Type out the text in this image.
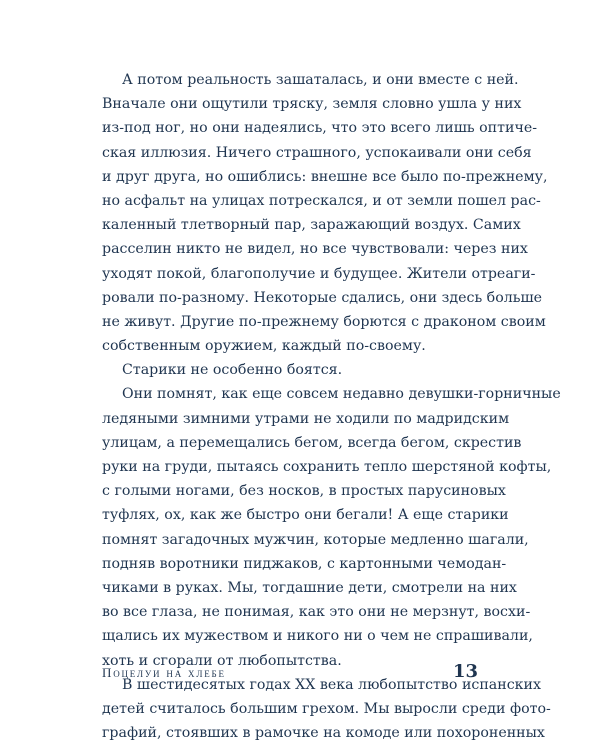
А потом реальность зашаталась, и они вместе с ней.
Вначале они ощутили тряску, земля словно ушла у них
из-под ног, но они надеялись, что это всего лишь оптиче-
ская иллюзия. Ничего страшного, успокаивали они себя
и друг друга, но ошиблись: внешне все было по-прежнему,
но асфальт на улицах потрескался, и от земли пошел рас-
каленный тлетворный пар, заражающий воздух. Самих
расселин никто не видел, но все чувствовали: через них
уходят покой, благополучие и будущее. Жители отреаги-
ровали по-разному. Некоторые сдались, они здесь больше
не живут. Другие по-прежнему борются с драконом своим
собственным оружием, каждый по-своему.
Старики не особенно боятся.
Они помнят, как еще совсем недавно девушки-горничные
ледяными зимними утрами не ходили по мадридским
улицам, а перемещались бегом, всегда бегом, скрестив
руки на груди, пытаясь сохранить тепло шерстяной кофты,
с голыми ногами, без носков, в простых парусиновых
туфлях, ох, как же быстро они бегали! А еще старики
помнят загадочных мужчин, которые медленно шагали,
подняв воротники пиджаков, с картонными чемодан-
чиками в руках. Мы, тогдашние дети, смотрели на них
во все глаза, не понимая, как это они не мерзнут, восхи-
щались их мужеством и никого ни о чем не спрашивали,
хоть и сгорали от любопытства.
В шестидесятых годах XX века любопытство испанских
детей считалось большим грехом. Мы выросли среди фото-
графий, стоявших в рамочке на комоде или похороненных
Поцелуи на хлебе	13
